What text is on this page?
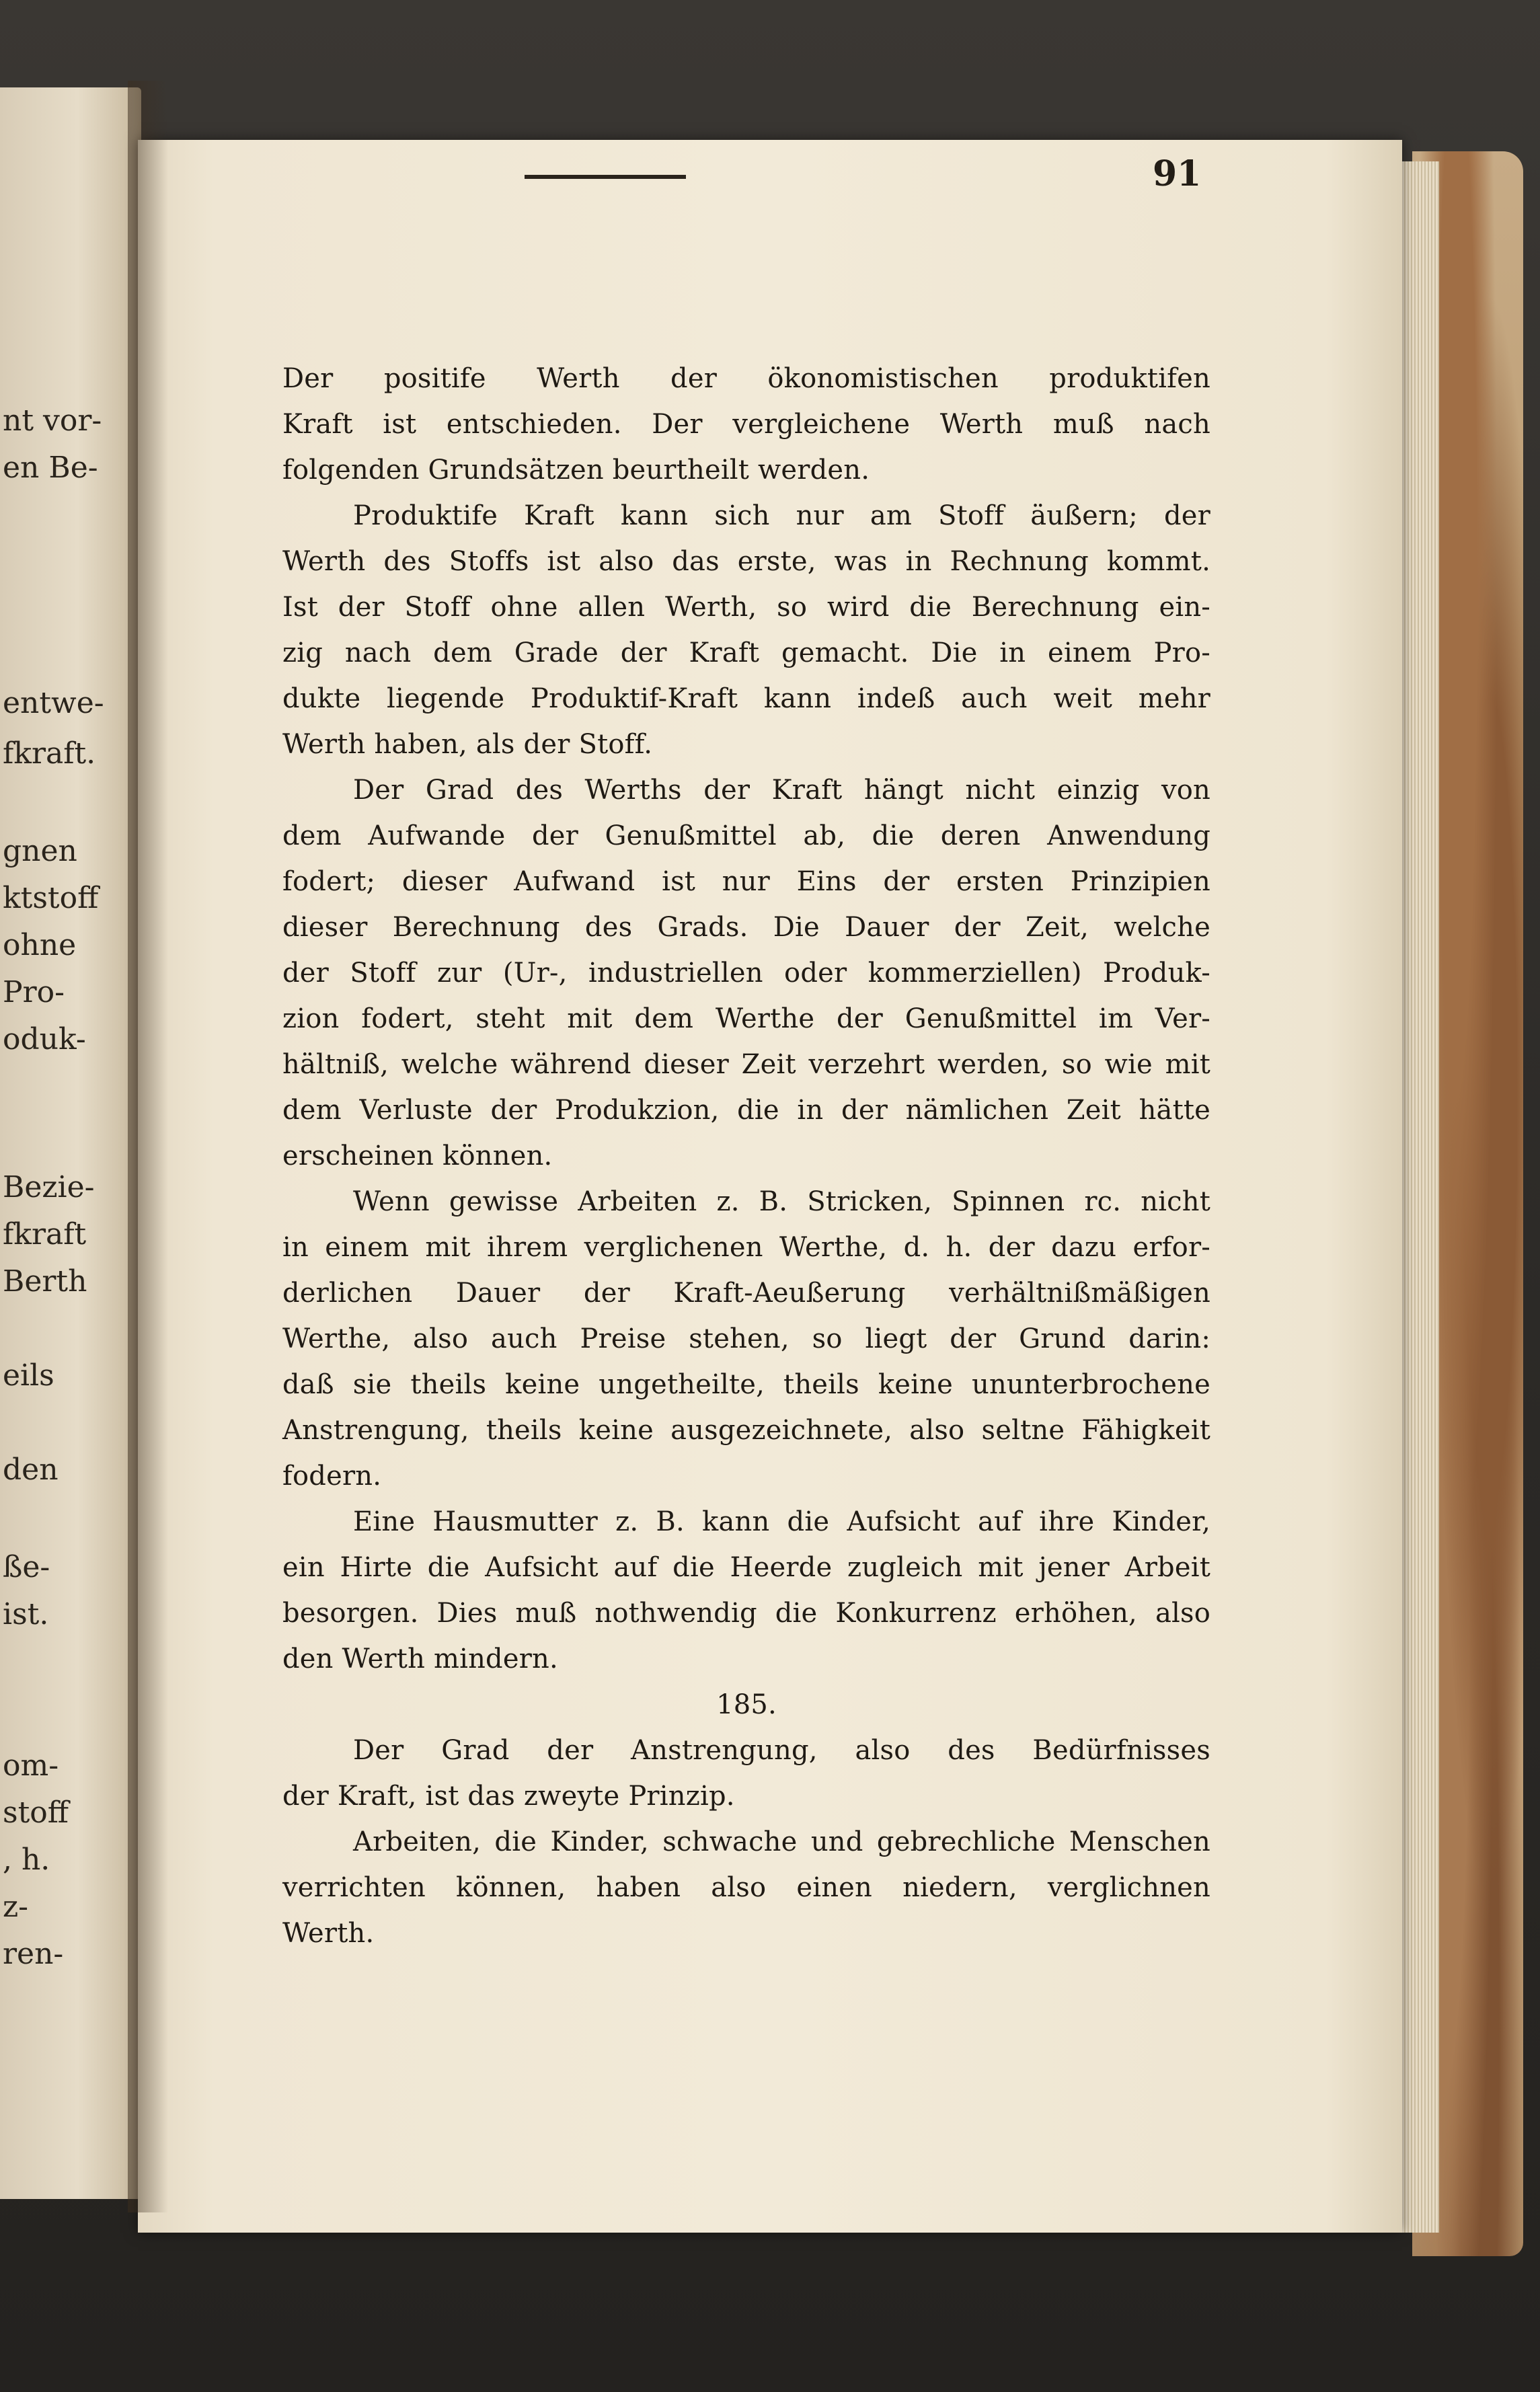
nt vor-
en Be-
entwe-
fkraft.
gnen
ktstoff
ohne
Pro-
oduk-
Bezie-
fkraft
Berth
eils
den
ße-
ist.
om-
stoff
, h.
z-
ren-
91
Der positife Werth der ökonomistischen produktifen
Kraft ist entschieden. Der vergleichene Werth muß nach
folgenden Grundsätzen beurtheilt werden.
Produktife Kraft kann sich nur am Stoff äußern; der
Werth des Stoffs ist also das erste, was in Rechnung kommt.
Ist der Stoff ohne allen Werth, so wird die Berechnung ein-
zig nach dem Grade der Kraft gemacht. Die in einem Pro-
dukte liegende Produktif-Kraft kann indeß auch weit mehr
Werth haben, als der Stoff.
Der Grad des Werths der Kraft hängt nicht einzig von
dem Aufwande der Genußmittel ab, die deren Anwendung
fodert; dieser Aufwand ist nur Eins der ersten Prinzipien
dieser Berechnung des Grads. Die Dauer der Zeit, welche
der Stoff zur (Ur-, industriellen oder kommerziellen) Produk-
zion fodert, steht mit dem Werthe der Genußmittel im Ver-
hältniß, welche während dieser Zeit verzehrt werden, so wie mit
dem Verluste der Produkzion, die in der nämlichen Zeit hätte
erscheinen können.
Wenn gewisse Arbeiten z. B. Stricken, Spinnen rc. nicht
in einem mit ihrem verglichenen Werthe, d. h. der dazu erfor-
derlichen Dauer der Kraft-Aeußerung verhältnißmäßigen
Werthe, also auch Preise stehen, so liegt der Grund darin:
daß sie theils keine ungetheilte, theils keine ununterbrochene
Anstrengung, theils keine ausgezeichnete, also seltne Fähigkeit
fodern.
Eine Hausmutter z. B. kann die Aufsicht auf ihre Kinder,
ein Hirte die Aufsicht auf die Heerde zugleich mit jener Arbeit
besorgen. Dies muß nothwendig die Konkurrenz erhöhen, also
den Werth mindern.
185.
Der Grad der Anstrengung, also des Bedürfnisses
der Kraft, ist das zweyte Prinzip.
Arbeiten, die Kinder, schwache und gebrechliche Menschen
verrichten können, haben also einen niedern, verglichnen
Werth.
